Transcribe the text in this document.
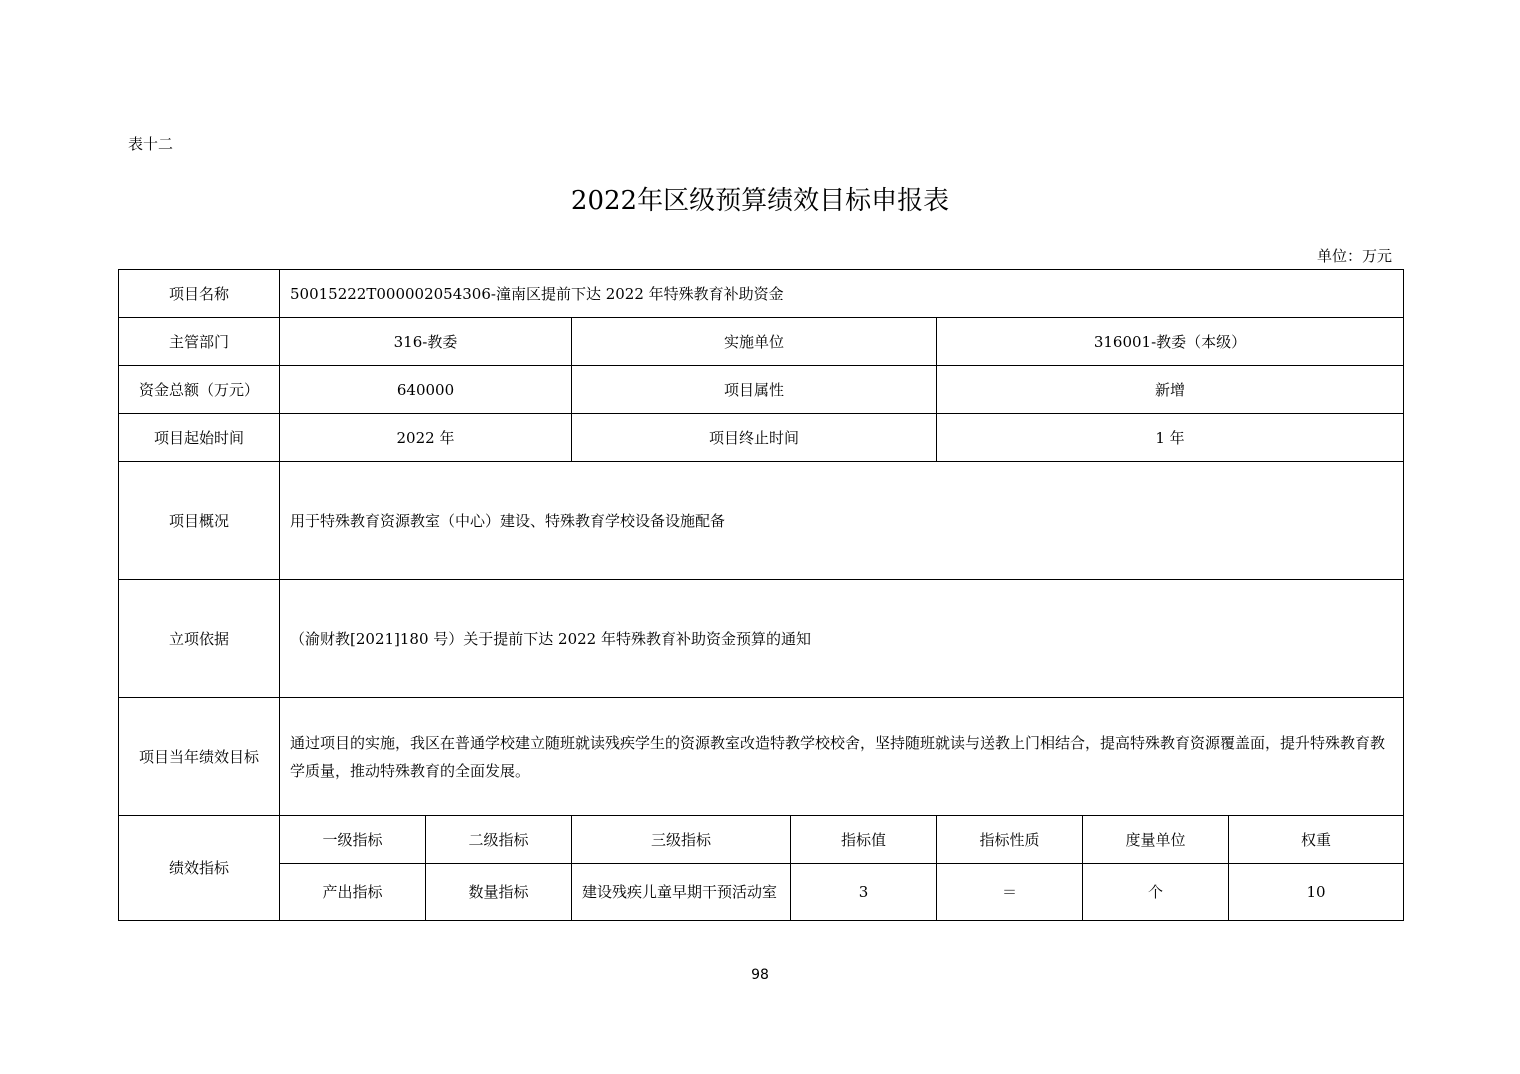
表十二
2022年区级预算绩效目标申报表
单位：万元
项目名称	50015222T000002054306-潼南区提前下达 2022 年特殊教育补助资金						
主管部门	316-教委		实施单位		316001-教委（本级）		
资金总额（万元）	640000		项目属性		新增		
项目起始时间	2022 年		项目终止时间		1 年		
项目概况	用于特殊教育资源教室（中心）建设、特殊教育学校设备设施配备						
立项依据	（渝财教[2021]180 号）关于提前下达 2022 年特殊教育补助资金预算的通知						
项目当年绩效目标	通过项目的实施，我区在普通学校建立随班就读残疾学生的资源教室改造特教学校校舍，坚持随班就读与送教上门相结合，提高特殊教育资源覆盖面，提升特殊教育教学质量，推动特殊教育的全面发展。						
绩效指标	一级指标	二级指标	三级指标	指标值	指标性质	度量单位	权重
	产出指标	数量指标	建设残疾儿童早期干预活动室	3	＝	个	10
98
